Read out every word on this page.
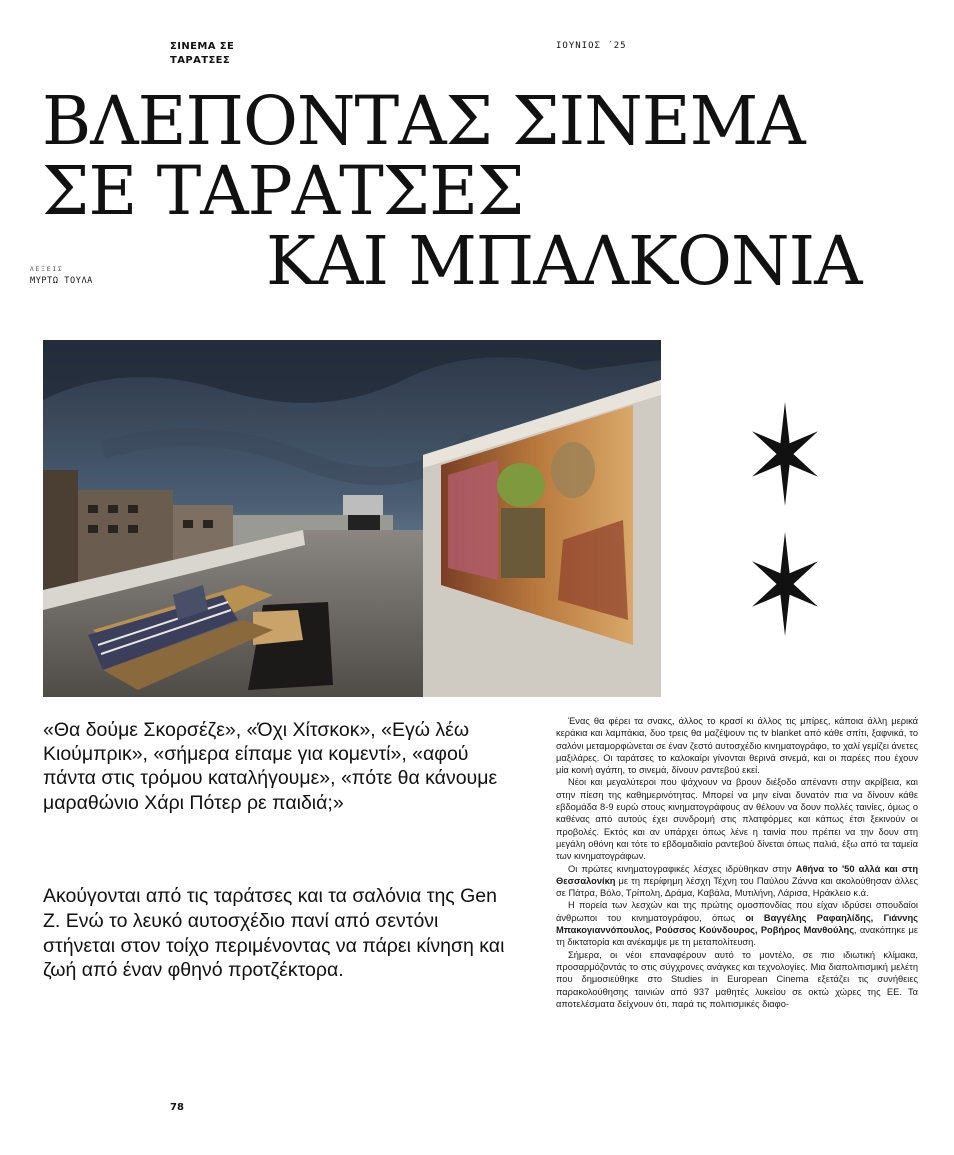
ΣΙΝΕΜΑ ΣΕ
ΤΑΡΑΤΣΕΣ
ΙΟΥΝΙΟΣ ΄25
ΒΛΕΠΟΝΤΑΣ ΣΙΝΕΜΑ
ΣΕ ΤΑΡΑΤΣΕΣ
ΚΑΙ ΜΠΑΛΚΟΝΙΑ
ΛΕΞΕΙΣ
ΜΥΡΤΩ ΤΟΥΛΑ

«Θα δούμε Σκορσέζε», «Όχι Χίτσκοκ», «Εγώ λέω Κιούμπρικ», «σήμερα είπαμε για κομεντί», «αφού πάντα στις τρόμου καταλήγουμε», «πότε θα κάνουμε μαραθώνιο Χάρι Πότερ ρε παιδιά;»

Ακούγονται από τις ταράτσες και τα σαλόνια της Gen Z. Ενώ το λευκό αυτοσχέδιο πανί από σεντόνι στήνεται στον τοίχο περιμένοντας να πάρει κίνηση και ζωή από έναν φθηνό προτζέκτορα.

Ένας θα φέρει τα σνακς, άλλος το κρασί κι άλλος τις μπίρες, κάποια άλλη μερικά κεράκια και λαμπάκια, δυο τρεις θα μαζέψουν τις tv blanket από κάθε σπίτι, ξαφνικά, το σαλόνι μεταμορφώνεται σε έναν ζεστό αυτοσχέδιο κινηματογράφο, το χαλί γεμίζει άνετες μαξιλάρες. Οι ταράτσες το καλοκαίρι γίνονται θερινά σινεμά, και οι παρέες που έχουν μία κοινή αγάπη, το σινεμά, δίνουν ραντεβού εκεί.

Νέοι και μεγαλύτεροι που ψάχνουν να βρουν διέξοδο απέναντι στην ακρίβεια, και στην πίεση της καθημερινότητας. Μπορεί να μην είναι δυνατόν πια να δίνουν κάθε εβδομάδα 8-9 ευρώ στους κινηματογράφους αν θέλουν να δουν πολλές ταινίες, όμως ο καθένας από αυτούς έχει συνδρομή στις πλατφόρμες και κάπως έτσι ξεκινούν οι προβολές. Εκτός και αν υπάρχει όπως λένε η ταινία που πρέπει να την δουν στη μεγάλη οθόνη και τότε το εβδομαδιαίο ραντεβού δίνεται όπως παλιά, έξω από τα ταμεία των κινηματογράφων.

Οι πρώτες κινηματογραφικές λέσχες ιδρύθηκαν στην Αθήνα το '50 αλλά και στη Θεσσαλονίκη με τη περίφημη λέσχη Τέχνη του Παύλου Ζάννα και ακολούθησαν άλλες σε Πάτρα, Βόλο, Τρίπολη, Δράμα, Καβάλα, Μυτιλήνη, Λάρισα, Ηράκλειο κ.ά.

Η πορεία των λεσχών και της πρώτης ομοσπονδίας που είχαν ιδρύσει σπουδαίοι άνθρωποι του κινηματογράφου, όπως οι Βαγγέλης Ραφαηλίδης, Γιάννης Μπακογιαννόπουλος, Ρούσσος Κούνδουρος, Ροβήρος Μανθούλης, ανακόπηκε με τη δικτατορία και ανέκαμψε με τη μεταπολίτευση.

Σήμερα, οι νέοι επαναφέρουν αυτό το μοντέλο, σε πιο ιδιωτική κλίμακα, προσαρμόζοντάς το στις σύγχρονες ανάγκες και τεχνολογίες. Μια διαπολιτισμική μελέτη που δημοσιεύθηκε στο Studies in European Cinema εξετάζει τις συνήθειες παρακολούθησης ταινιών από 937 μαθητές λυκείου σε οκτώ χώρες της ΕΕ. Τα αποτελέσματα δείχνουν ότι, παρά τις πολιτισμικές διαφο-

78
